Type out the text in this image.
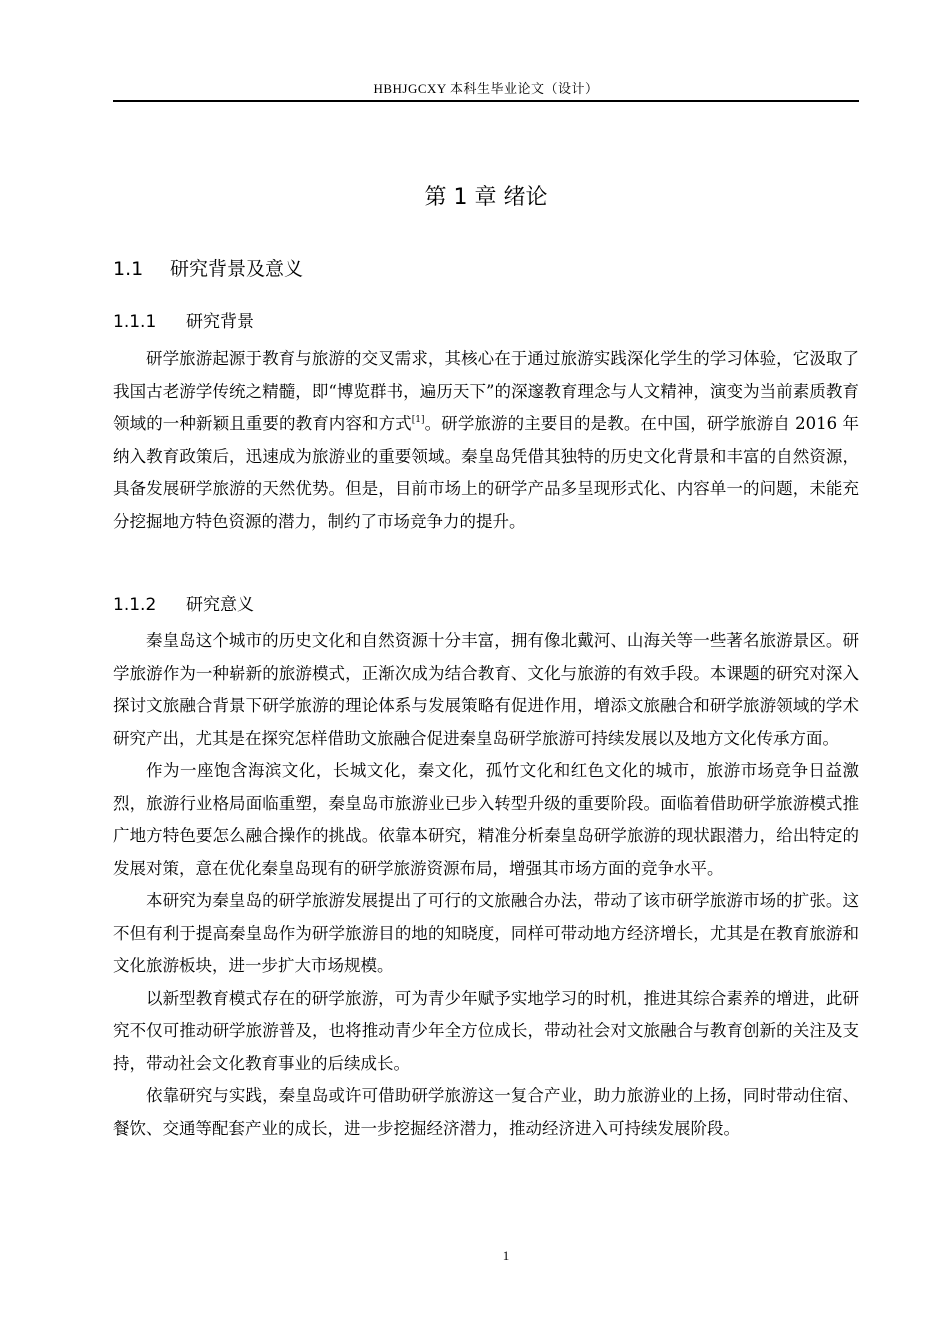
HBHJGCXY 本科生毕业论文（设计）
第 1 章 绪论
1.1 研究背景及意义
1.1.1 研究背景

研学旅游起源于教育与旅游的交叉需求，其核心在于通过旅游实践深化学生的学习体验，它汲取了我国古老游学传统之精髓，即“博览群书，遍历天下”的深邃教育理念与人文精神，演变为当前素质教育领域的一种新颖且重要的教育内容和方式[1]。研学旅游的主要目的是教。在中国，研学旅游自 2016 年纳入教育政策后，迅速成为旅游业的重要领域。秦皇岛凭借其独特的历史文化背景和丰富的自然资源，具备发展研学旅游的天然优势。但是，目前市场上的研学产品多呈现形式化、内容单一的问题，未能充分挖掘地方特色资源的潜力，制约了市场竞争力的提升。

1.1.2 研究意义

秦皇岛这个城市的历史文化和自然资源十分丰富，拥有像北戴河、山海关等一些著名旅游景区。研学旅游作为一种崭新的旅游模式，正渐次成为结合教育、文化与旅游的有效手段。本课题的研究对深入探讨文旅融合背景下研学旅游的理论体系与发展策略有促进作用，增添文旅融合和研学旅游领域的学术研究产出，尤其是在探究怎样借助文旅融合促进秦皇岛研学旅游可持续发展以及地方文化传承方面。

作为一座饱含海滨文化，长城文化，秦文化，孤竹文化和红色文化的城市，旅游市场竞争日益激烈，旅游行业格局面临重塑，秦皇岛市旅游业已步入转型升级的重要阶段。面临着借助研学旅游模式推广地方特色要怎么融合操作的挑战。依靠本研究，精准分析秦皇岛研学旅游的现状跟潜力，给出特定的发展对策，意在优化秦皇岛现有的研学旅游资源布局，增强其市场方面的竞争水平。

本研究为秦皇岛的研学旅游发展提出了可行的文旅融合办法，带动了该市研学旅游市场的扩张。这不但有利于提高秦皇岛作为研学旅游目的地的知晓度，同样可带动地方经济增长，尤其是在教育旅游和文化旅游板块，进一步扩大市场规模。

以新型教育模式存在的研学旅游，可为青少年赋予实地学习的时机，推进其综合素养的增进，此研究不仅可推动研学旅游普及，也将推动青少年全方位成长，带动社会对文旅融合与教育创新的关注及支持，带动社会文化教育事业的后续成长。

依靠研究与实践，秦皇岛或许可借助研学旅游这一复合产业，助力旅游业的上扬，同时带动住宿、餐饮、交通等配套产业的成长，进一步挖掘经济潜力，推动经济进入可持续发展阶段。

1
